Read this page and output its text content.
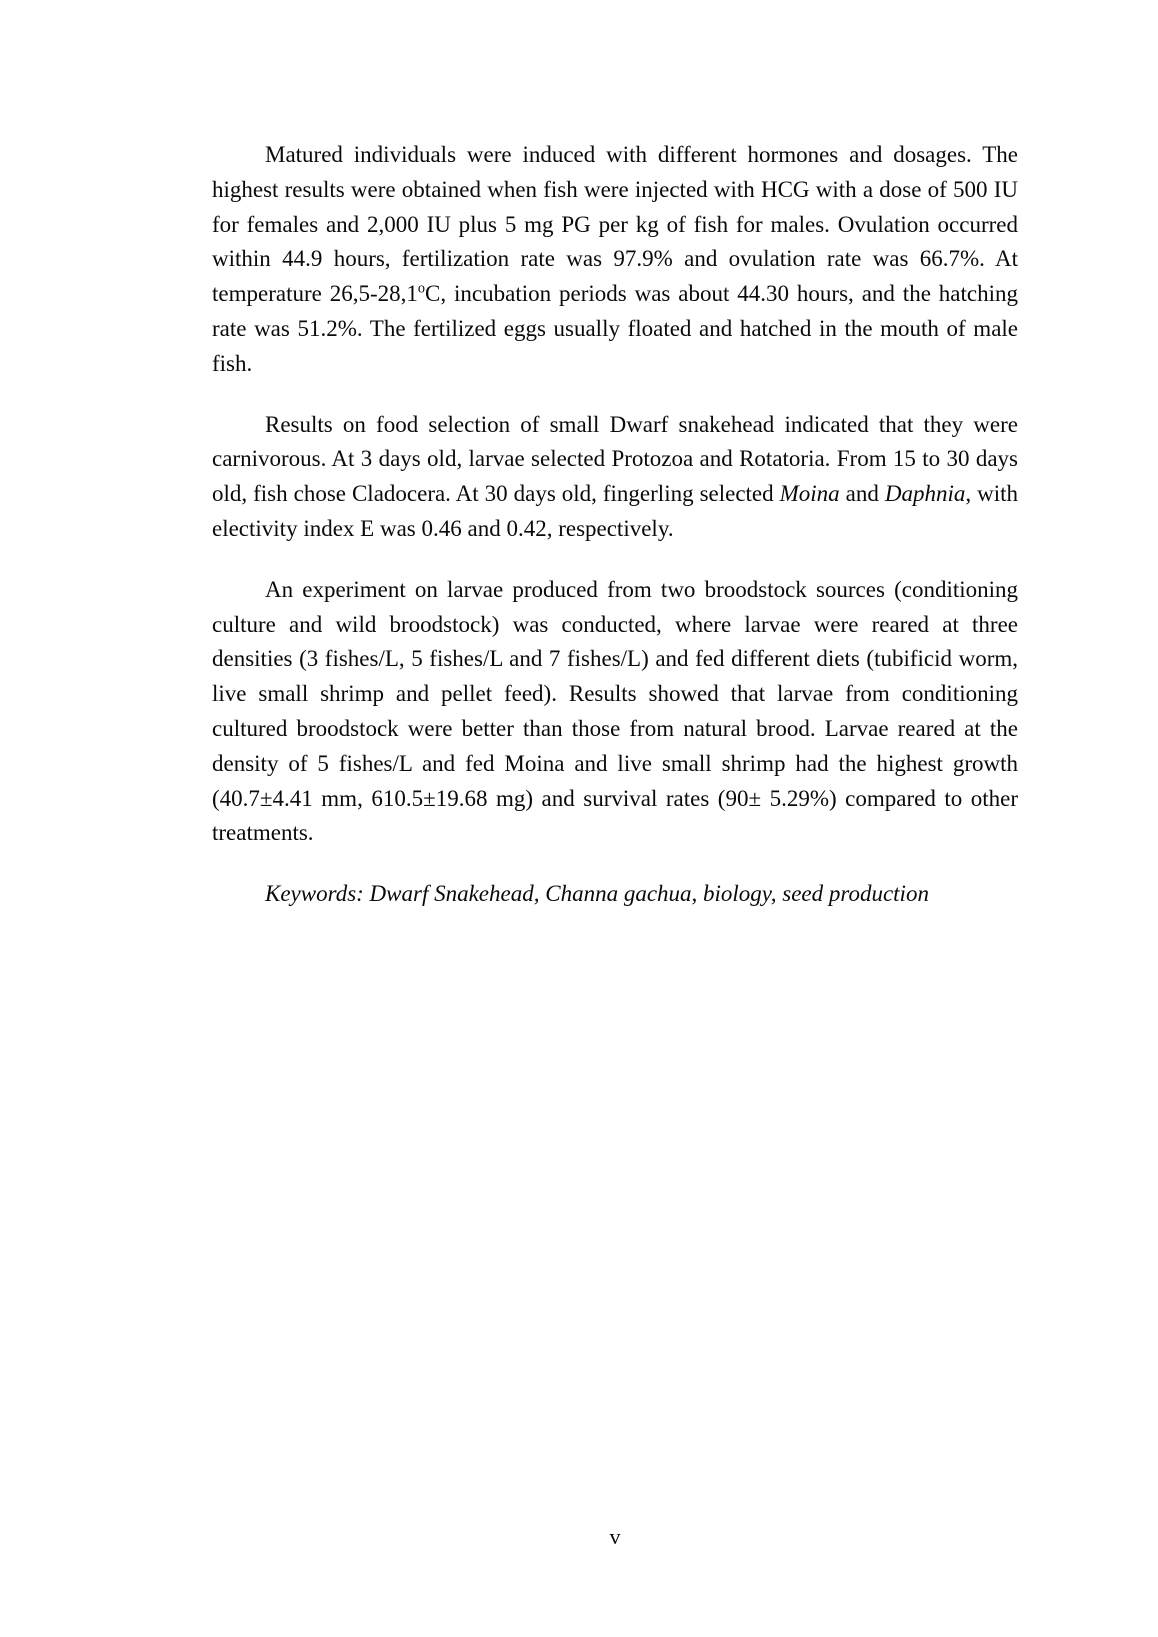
Matured individuals were induced with different hormones and dosages. The highest results were obtained when fish were injected with HCG with a dose of 500 IU for females and 2,000 IU plus 5 mg PG per kg of fish for males. Ovulation occurred within 44.9 hours, fertilization rate was 97.9% and ovulation rate was 66.7%. At temperature 26,5-28,1$^o$C, incubation periods was about 44.30 hours, and the hatching rate was 51.2%. The fertilized eggs usually floated and hatched in the mouth of male fish.
Results on food selection of small Dwarf snakehead indicated that they were carnivorous. At 3 days old, larvae selected Protozoa and Rotatoria. From 15 to 30 days old, fish chose Cladocera. At 30 days old, fingerling selected Moina and Daphnia, with electivity index E was 0.46 and 0.42, respectively.
An experiment on larvae produced from two broodstock sources (conditioning culture and wild broodstock) was conducted, where larvae were reared at three densities (3 fishes/L, 5 fishes/L and 7 fishes/L) and fed different diets (tubificid worm, live small shrimp and pellet feed). Results showed that larvae from conditioning cultured broodstock were better than those from natural brood. Larvae reared at the density of 5 fishes/L and fed Moina and live small shrimp had the highest growth (40.7±4.41 mm, 610.5±19.68 mg) and survival rates (90± 5.29%) compared to other treatments.
Keywords: Dwarf Snakehead, Channa gachua, biology, seed production
v
